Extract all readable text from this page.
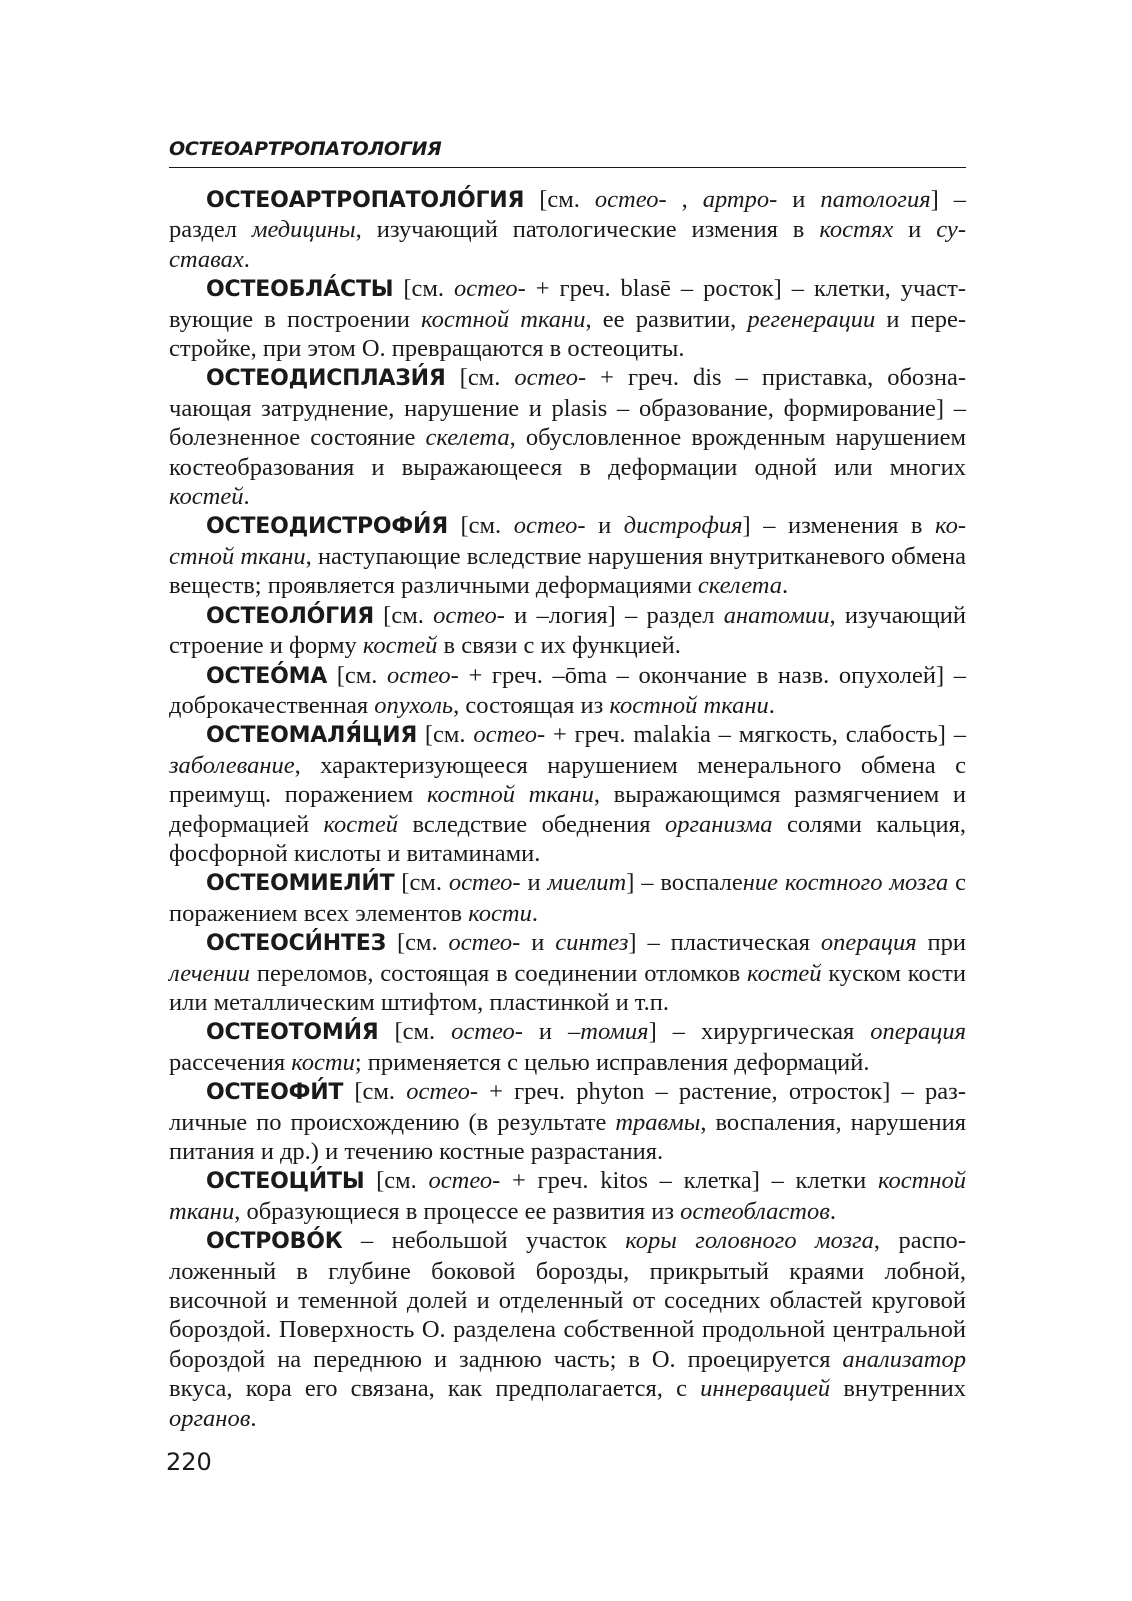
ОСТЕОАРТРОПАТОЛОГИЯ

ОСТЕОАРТРОПАТОЛО́ГИЯ [см. остео- , артро- и патология] – раздел медицины, изучающий патологические измения в костях и суставах.

ОСТЕОБЛА́СТЫ [см. остео- + греч. blasē – росток] – клетки, участвующие в построении костной ткани, ее развитии, регенерации и перестройке, при этом О. превращаются в остеоциты.

ОСТЕОДИСПЛАЗИ́Я [см. остео- + греч. dis – приставка, обозначающая затруднение, нарушение и plasis – образование, формирование] – болезненное состояние скелета, обусловленное врожденным нарушением костеобразования и выражающееся в деформации одной или многих костей.

ОСТЕОДИСТРОФИ́Я [см. остео- и дистрофия] – изменения в костной ткани, наступающие вследствие нарушения внутритканевого обмена веществ; проявляется различными деформациями скелета.

ОСТЕОЛО́ГИЯ [см. остео- и –логия] – раздел анатомии, изучающий строение и форму костей в связи с их функцией.

ОСТЕО́МА [см. остео- + греч. –ōma – окончание в назв. опухолей] – доброкачественная опухоль, состоящая из костной ткани.

ОСТЕОМАЛЯ́ЦИЯ [см. остео- + греч. malakia – мягкость, слабость] – заболевание, характеризующееся нарушением менерального обмена с преимущ. поражением костной ткани, выражающимся размягчением и деформацией костей вследствие обеднения организма солями кальция, фосфорной кислоты и витаминами.

ОСТЕОМИЕЛИ́Т [см. остео- и миелит] – воспаление костного мозга с поражением всех элементов кости.

ОСТЕОСИ́НТЕЗ [см. остео- и синтез] – пластическая операция при лечении переломов, состоящая в соединении отломков костей куском кости или металлическим штифтом, пластинкой и т.п.

ОСТЕОТОМИ́Я [см. остео- и –томия] – хирургическая операция рассечения кости; применяется с целью исправления деформаций.

ОСТЕОФИ́Т [см. остео- + греч. phyton – растение, отросток] – различные по происхождению (в результате травмы, воспаления, нарушения питания и др.) и течению костные разрастания.

ОСТЕОЦИ́ТЫ [см. остео- + греч. kitos – клетка] – клетки костной ткани, образующиеся в процессе ее развития из остеобластов.

ОСТРОВО́К – небольшой участок коры головного мозга, расположенный в глубине боковой борозды, прикрытый краями лобной, височной и теменной долей и отделенный от соседних областей круговой бороздой. Поверхность О. разделена собственной продольной центральной бороздой на переднюю и заднюю часть; в О. проецируется анализатор вкуса, кора его связана, как предполагается, с иннервацией внутренних органов.

220
